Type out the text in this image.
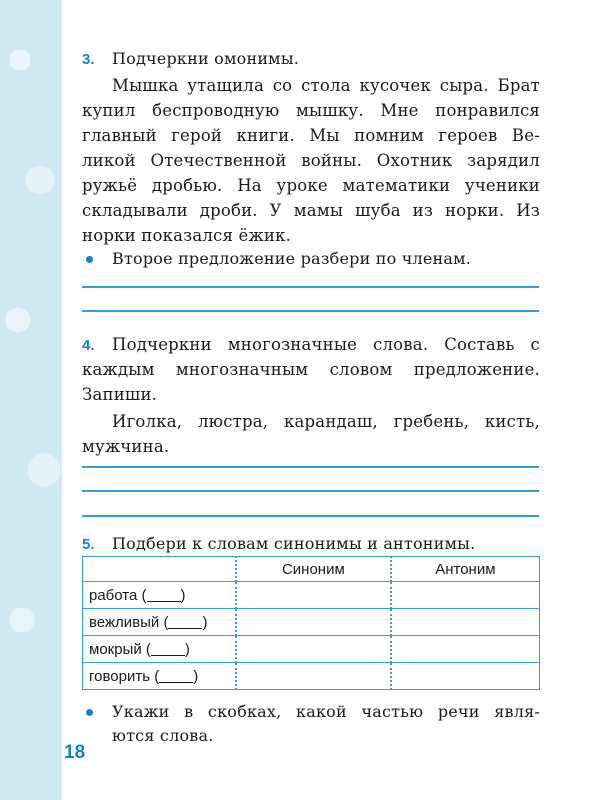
3. Подчеркни омонимы.
Мышка утащила со стола кусочек сыра. Брат
купил беспроводную мышку. Мне понравился
главный герой книги. Мы помним героев Ве-
ликой Отечественной войны. Охотник зарядил
ружьё дробью. На уроке математики ученики
складывали дроби. У мамы шуба из норки. Из
норки показался ёжик.
Второе предложение разбери по членам.
4. Подчеркни многозначные слова. Составь с
каждым многозначным словом предложение.
Запиши.
Иголка, люстра, карандаш, гребень, кисть,
мужчина.
5. Подбери к словам синонимы и антонимы.
	Синоним	Антоним
работа ( )		
вежливый ( )		
мокрый ( )		
говорить ( )		
Укажи в скобках, какой частью речи явля-
ются слова.
18
